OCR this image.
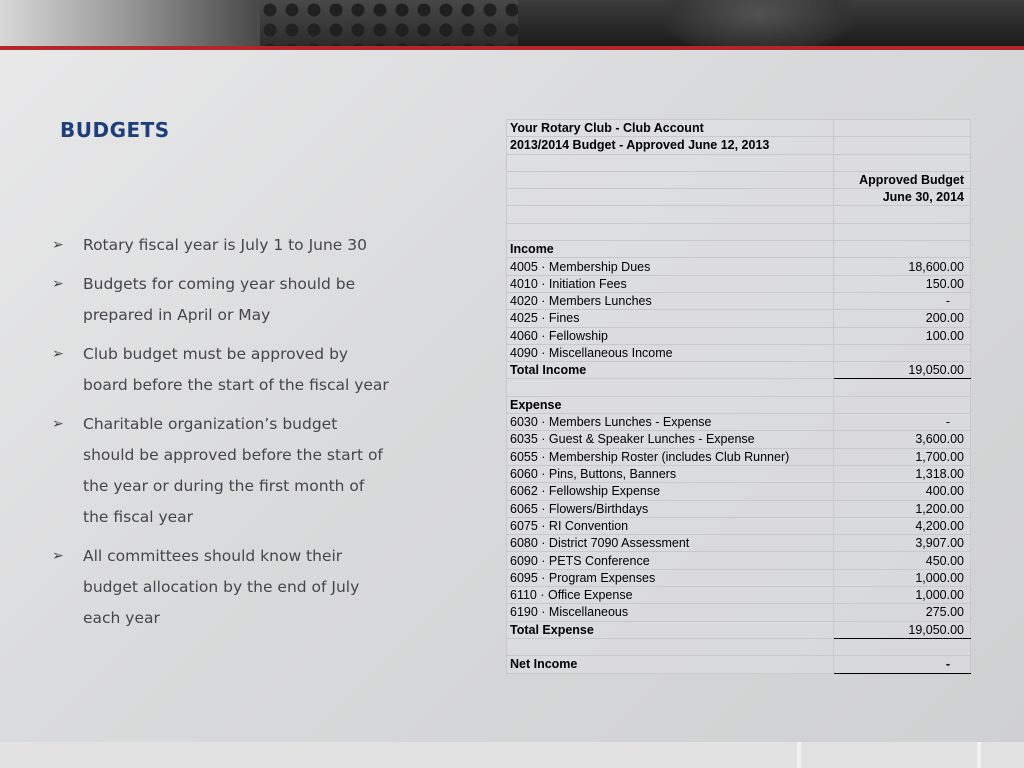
BUDGETS
➢ Rotary fiscal year is July 1 to June 30
➢ Budgets for coming year should be prepared in April or May
➢ Club budget must be approved by board before the start of the fiscal year
➢ Charitable organization’s budget should be approved before the start of the year or during the first month of the fiscal year
➢ All committees should know their budget allocation by the end of July each year
Your Rotary Club - Club Account	
2013/2014 Budget - Approved June 12, 2013	

	Approved Budget
	June 30, 2014

Income	
4005 · Membership Dues	18,600.00
4010 · Initiation Fees	150.00
4020 · Members Lunches	-
4025 · Fines	200.00
4060 · Fellowship	100.00
4090 · Miscellaneous Income	
Total Income	19,050.00

Expense	
6030 · Members Lunches - Expense	-
6035 · Guest & Speaker Lunches - Expense	3,600.00
6055 · Membership Roster (includes Club Runner)	1,700.00
6060 · Pins, Buttons, Banners	1,318.00
6062 · Fellowship Expense	400.00
6065 · Flowers/Birthdays	1,200.00
6075 · RI Convention	4,200.00
6080 · District 7090 Assessment	3,907.00
6090 · PETS Conference	450.00
6095 · Program Expenses	1,000.00
6110 · Office Expense	1,000.00
6190 · Miscellaneous	275.00
Total Expense	19,050.00

Net Income	-
